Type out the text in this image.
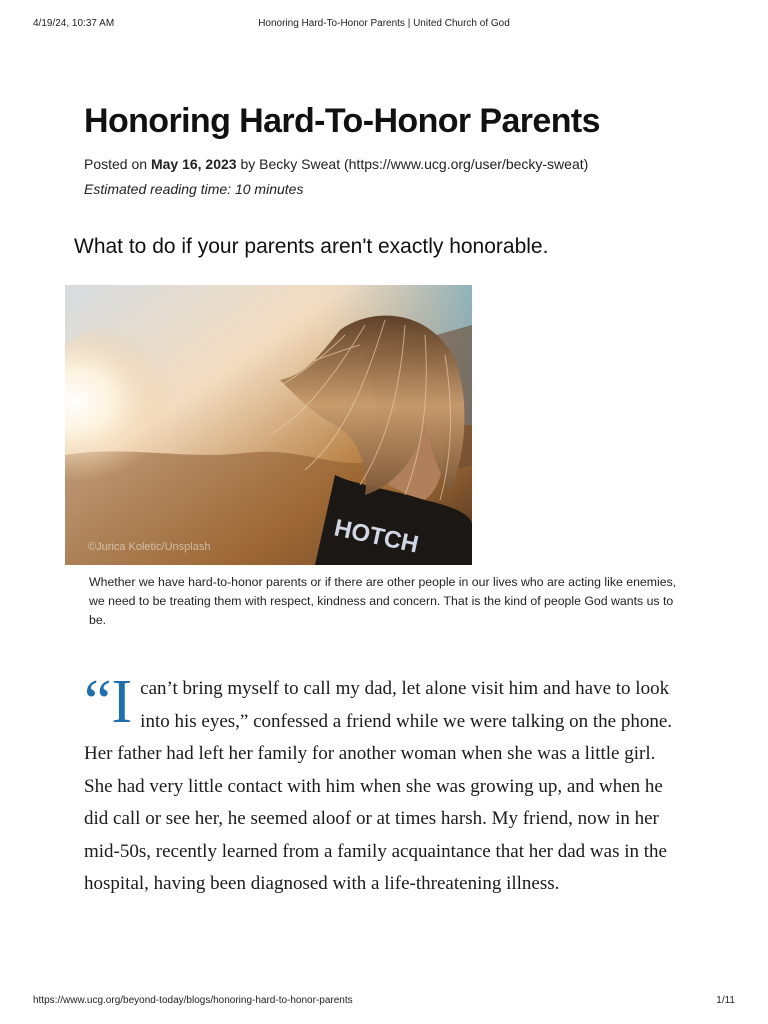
4/19/24, 10:37 AM	Honoring Hard-To-Honor Parents | United Church of God
Honoring Hard-To-Honor Parents
Posted on May 16, 2023 by Becky Sweat (https://www.ucg.org/user/becky-sweat)
Estimated reading time: 10 minutes
What to do if your parents aren't exactly honorable.
HOTCH
©Jurica Koletic/Unsplash
Whether we have hard-to-honor parents or if there are other people in our lives who are acting like enemies, we need to be treating them with respect, kindness and concern. That is the kind of people God wants us to be.
“I can’t bring myself to call my dad, let alone visit him and have to look into his eyes,” confessed a friend while we were talking on the phone. Her father had left her family for another woman when she was a little girl. She had very little contact with him when she was growing up, and when he did call or see her, he seemed aloof or at times harsh. My friend, now in her mid-50s, recently learned from a family acquaintance that her dad was in the hospital, having been diagnosed with a life-threatening illness.

https://www.ucg.org/beyond-today/blogs/honoring-hard-to-honor-parents	1/11
